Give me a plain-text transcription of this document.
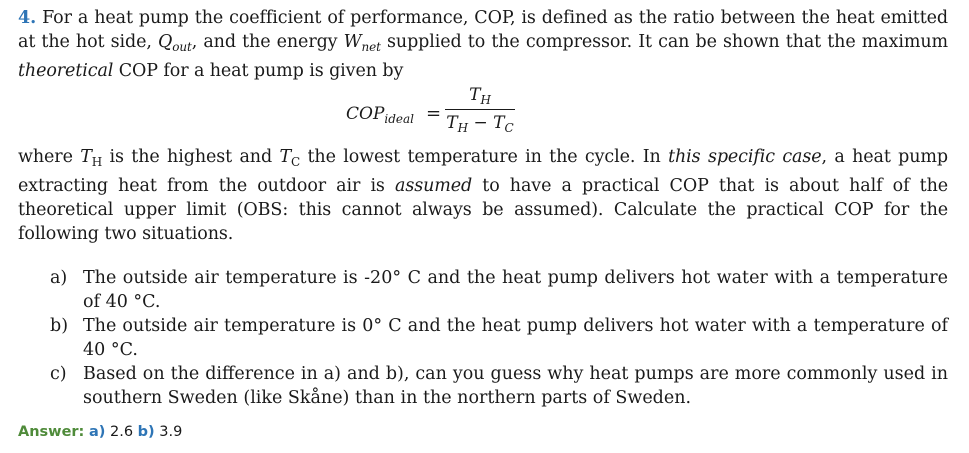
4. For a heat pump the coefficient of performance, COP, is defined as the ratio between the heat emitted at the hot side, $Q_{out}$, and the energy $W_{net}$ supplied to the compressor. It can be shown that the maximum theoretical COP for a heat pump is given by

$COP_{ideal}$ =
$T_H$
$T_H - T_C$

where $T_H$ is the highest and $T_C$ the lowest temperature in the cycle. In this specific case, a heat pump extracting heat from the outdoor air is assumed to have a practical COP that is about half of the theoretical upper limit (OBS: this cannot always be assumed). Calculate the practical COP for the following two situations.

a) The outside air temperature is -20° C and the heat pump delivers hot water with a temperature of 40 °C.
b) The outside air temperature is 0° C and the heat pump delivers hot water with a temperature of 40 °C.
c) Based on the difference in a) and b), can you guess why heat pumps are more commonly used in southern Sweden (like Skåne) than in the northern parts of Sweden.
Answer: a) 2.6 b) 3.9
